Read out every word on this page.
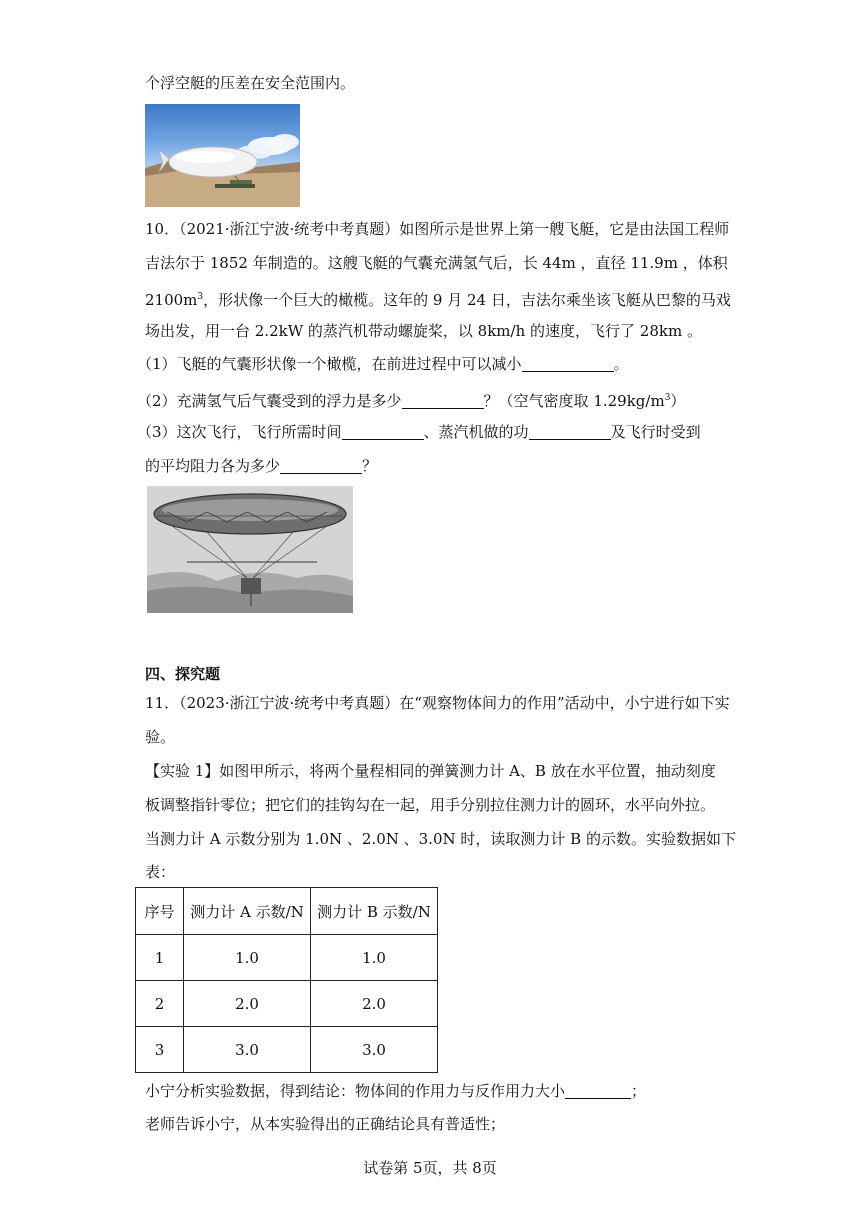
个浮空艇的压差在安全范围内。
10．（2021·浙江宁波·统考中考真题）如图所示是世界上第一艘飞艇，它是由法国工程师
吉法尔于 1852 年制造的。这艘飞艇的气囊充满氢气后，长 44m ，直径 11.9m ，体积
$2100m^3$，形状像一个巨大的橄榄。这年的 9 月 24 日，吉法尔乘坐该飞艇从巴黎的马戏
场出发，用一台 2.2kW 的蒸汽机带动螺旋桨，以 8km/h 的速度，飞行了 28km 。
（1）飞艇的气囊形状像一个橄榄，在前进过程中可以减小	。
（2）充满氢气后气囊受到的浮力是多少	？（空气密度取 $1.29kg/m^3$）
（3）这次飞行，飞行所需时间	、蒸汽机做的功	及飞行时受到
的平均阻力各为多少	？
四、探究题
11．（2023·浙江宁波·统考中考真题）在“观察物体间力的作用”活动中，小宁进行如下实
验。
【实验 1】如图甲所示，将两个量程相同的弹簧测力计 A、B 放在水平位置，抽动刻度
板调整指针零位；把它们的挂钩勾在一起，用手分别拉住测力计的圆环，水平向外拉。
当测力计 A 示数分别为 1.0N 、2.0N 、3.0N 时，读取测力计 B 的示数。实验数据如下
表：
序号	测力计 A 示数/N	测力计 B 示数/N
1	1.0	1.0
2	2.0	2.0
3	3.0	3.0
小宁分析实验数据，得到结论：物体间的作用力与反作用力大小	；
老师告诉小宁，从本实验得出的正确结论具有普适性；
试卷第 5页，共 8页
